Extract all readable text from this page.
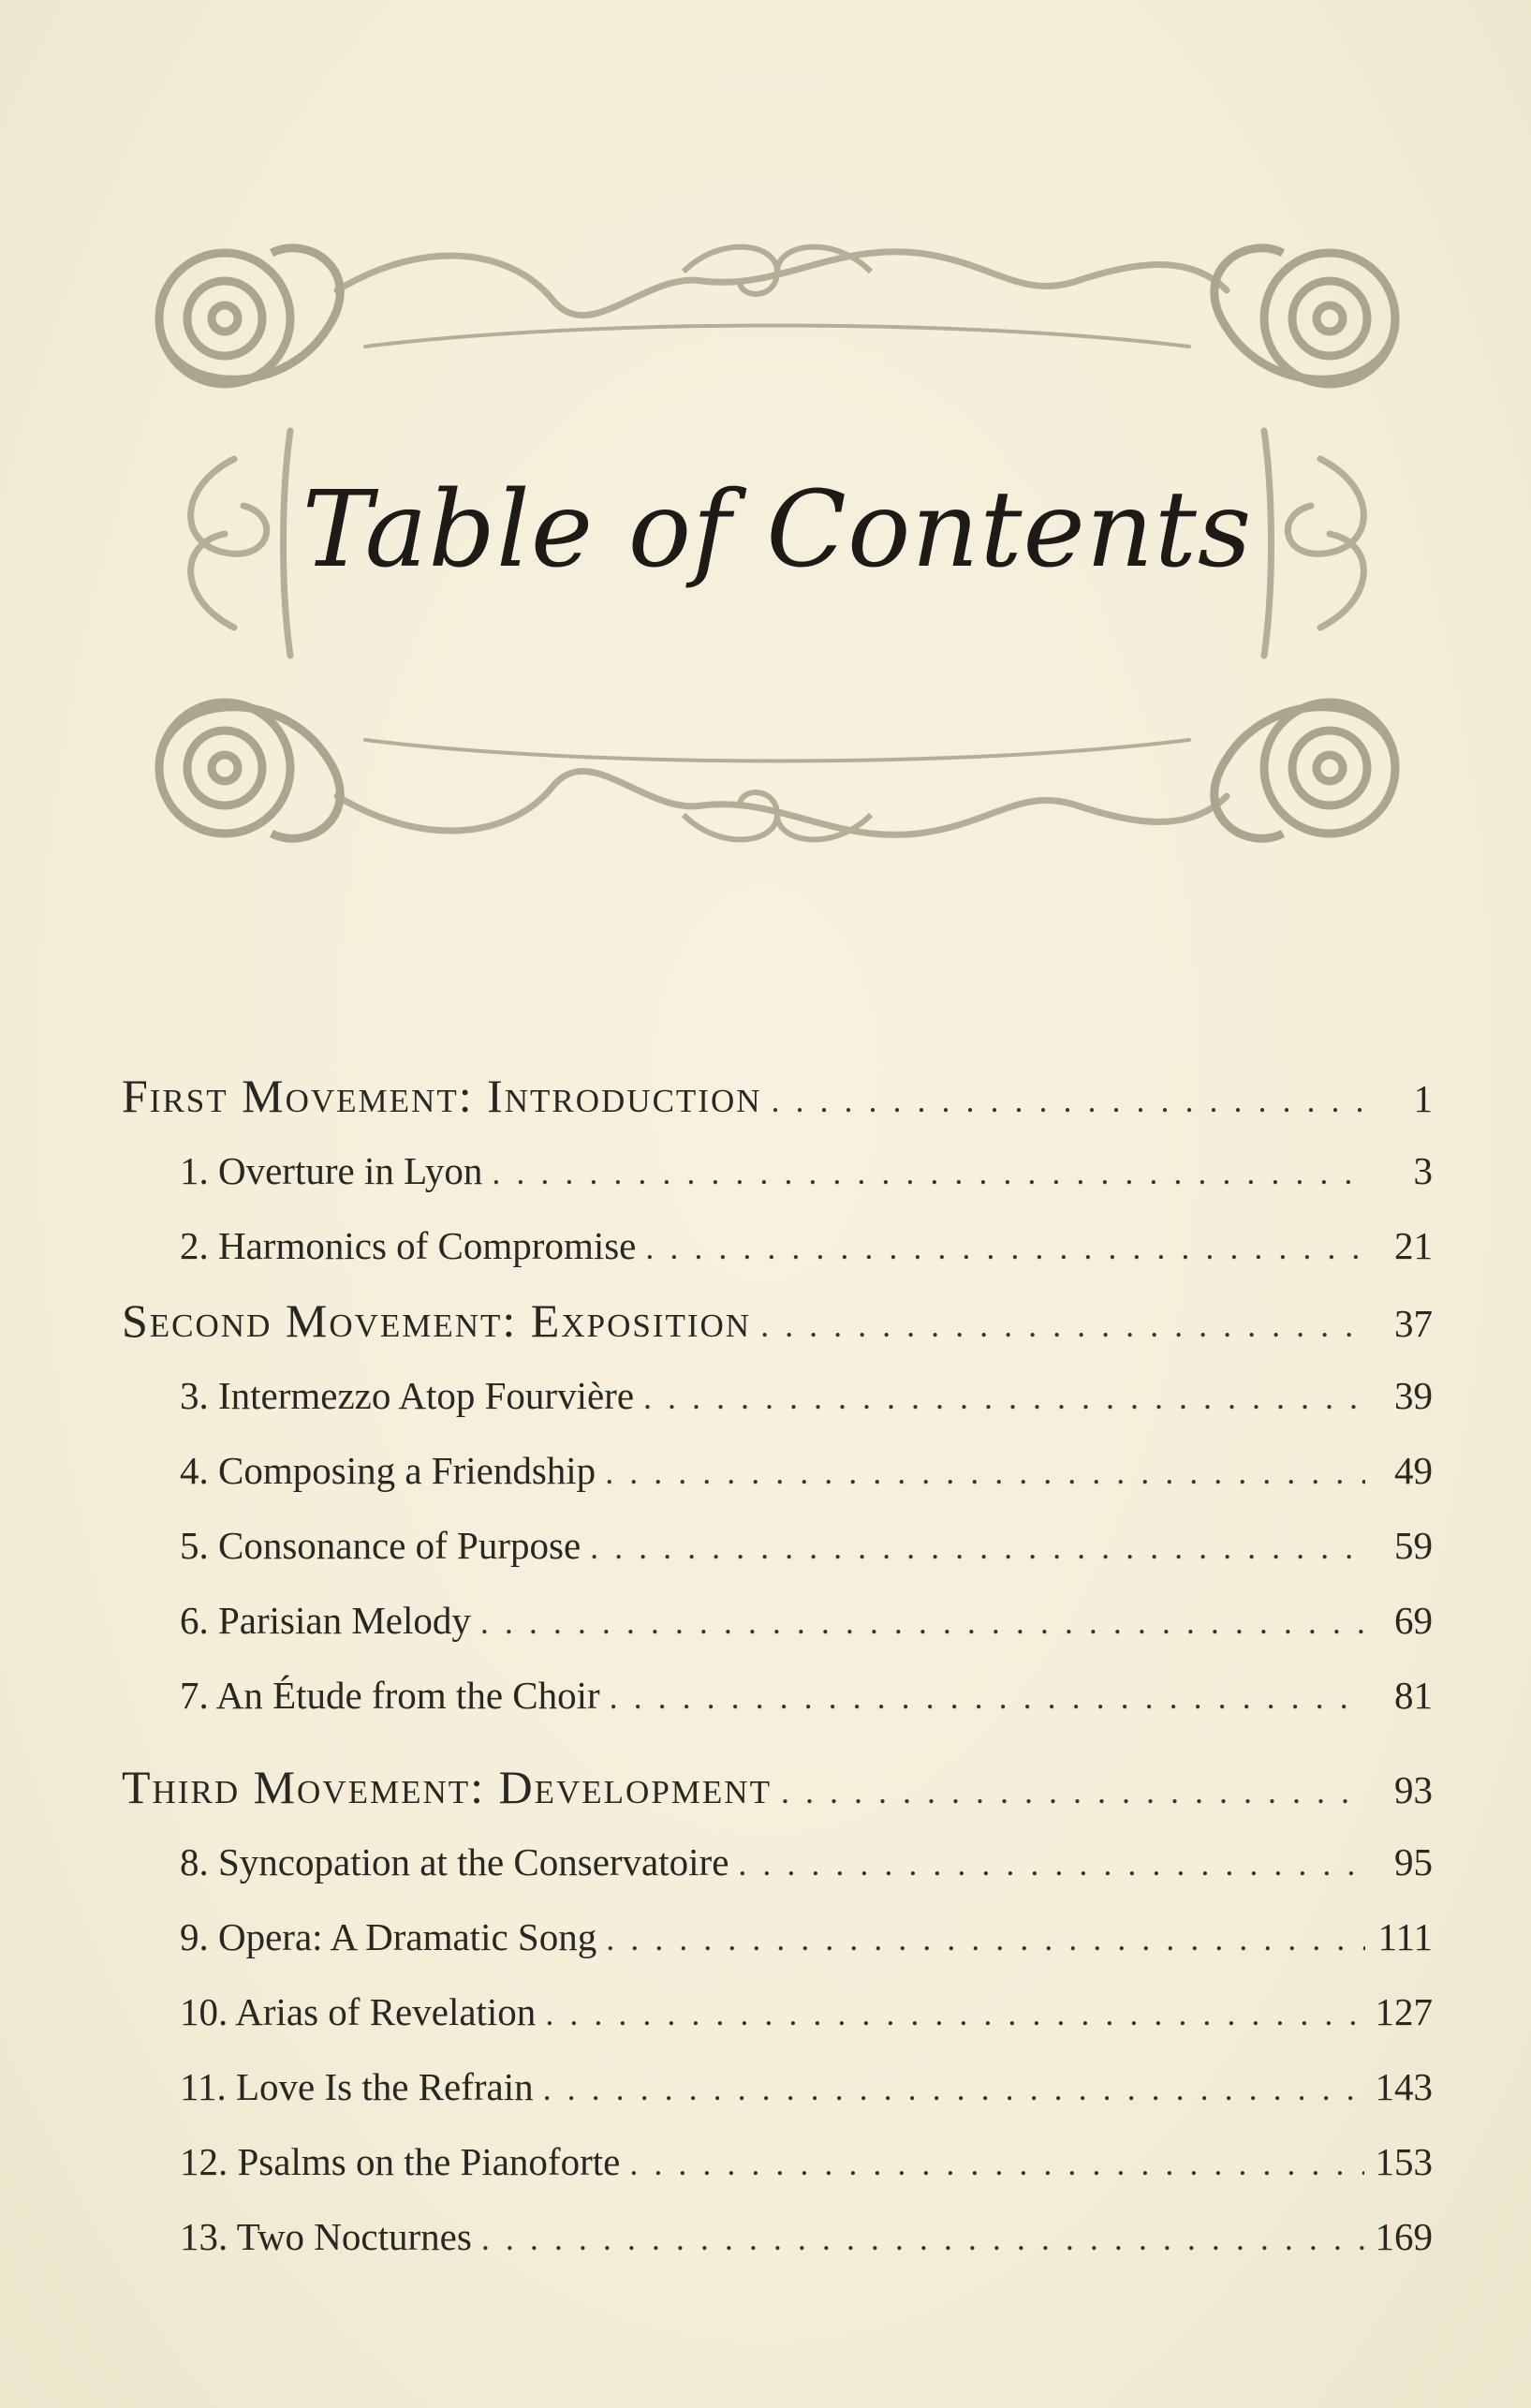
Table of Contents
First Movement: Introduction . . .	1
1. Overture in Lyon . . .	3
2. Harmonics of Compromise . . .	21
Second Movement: Exposition . . .	37
3. Intermezzo Atop Fourvière . . .	39
4. Composing a Friendship . . .	49
5. Consonance of Purpose . . .	59
6. Parisian Melody . . .	69
7. An Étude from the Choir . . .	81
Third Movement: Development . . .	93
8. Syncopation at the Conservatoire . . .	95
9. Opera: A Dramatic Song . . .	111
10. Arias of Revelation . . .	127
11. Love Is the Refrain . . .	143
12. Psalms on the Pianoforte . . .	153
13. Two Nocturnes . . .	169
